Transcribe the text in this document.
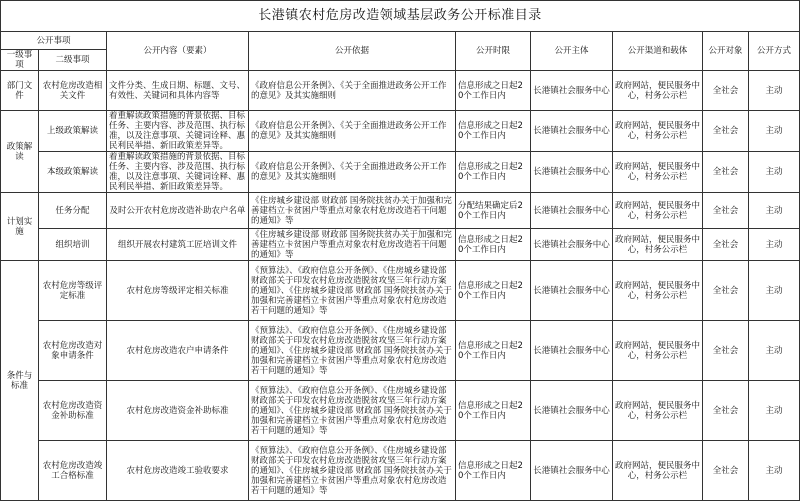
长港镇农村危房改造领域基层政务公开标准目录								
公开事项		公开内容（要素）	公开依据	公开时限	公开主体	公开渠道和载体	公开对象	公开方式
一级事项	二级事项							
部门文件	农村危房改造相关文件	文件分类、生成日期、标题、文号、有效性、关键词和具体内容等	《政府信息公开条例》、《关于全面推进政务公开工作的意见》及其实施细则	信息形成之日起20个工作日内	长港镇社会服务中心	政府网站，便民服务中心，村务公示栏	全社会	主动
政策解读	上级政策解读	着重解读政策措施的背景依据、目标任务、主要内容、涉及范围、执行标准，以及注意事项、关键词诠释、惠民利民举措、新旧政策差异等。	《政府信息公开条例》、《关于全面推进政务公开工作的意见》及其实施细则	信息形成之日起20个工作日内	长港镇社会服务中心	政府网站，便民服务中心，村务公示栏	全社会	主动
	本级政策解读	着重解读政策措施的背景依据、目标任务、主要内容、涉及范围、执行标准，以及注意事项、关键词诠释、惠民利民举措、新旧政策差异等。	《政府信息公开条例》、《关于全面推进政务公开工作的意见》及其实施细则	信息形成之日起20个工作日内	长港镇社会服务中心	政府网站，便民服务中心，村务公示栏	全社会	主动
计划实施	任务分配	及时公开农村危房改造补助农户名单	《住房城乡建设部 财政部 国务院扶贫办关于加强和完善建档立卡贫困户等重点对象农村危房改造若干问题的通知》等	分配结果确定后20个工作日内	长港镇社会服务中心	政府网站，便民服务中心，村务公示栏	全社会	主动
	组织培训	组织开展农村建筑工匠培训文件	《住房城乡建设部 财政部 国务院扶贫办关于加强和完善建档立卡贫困户等重点对象农村危房改造若干问题的通知》等	信息形成之日起20个工作日内	长港镇社会服务中心	政府网站，便民服务中心，村务公示栏	全社会	主动
条件与标准	农村危房等级评定标准	农村危房等级评定相关标准	《预算法》、《政府信息公开条例》、《住房城乡建设部 财政部关于印发农村危房改造脱贫攻坚三年行动方案的通知》、《住房城乡建设部 财政部 国务院扶贫办关于加强和完善建档立卡贫困户等重点对象农村危房改造若干问题的通知》等	信息形成之日起20个工作日内	长港镇社会服务中心	政府网站，便民服务中心，村务公示栏	全社会	主动
	农村危房改造对象申请条件	农村危房改造农户申请条件	《预算法》、《政府信息公开条例》、《住房城乡建设部 财政部关于印发农村危房改造脱贫攻坚三年行动方案的通知》、《住房城乡建设部 财政部 国务院扶贫办关于加强和完善建档立卡贫困户等重点对象农村危房改造若干问题的通知》等	信息形成之日起20个工作日内	长港镇社会服务中心	政府网站，便民服务中心，村务公示栏	全社会	主动
	农村危房改造资金补助标准	农村危房改造资金补助标准	《预算法》、《政府信息公开条例》、《住房城乡建设部 财政部关于印发农村危房改造脱贫攻坚三年行动方案的通知》、《住房城乡建设部 财政部 国务院扶贫办关于加强和完善建档立卡贫困户等重点对象农村危房改造若干问题的通知》等	信息形成之日起20个工作日内	长港镇社会服务中心	政府网站，便民服务中心，村务公示栏	全社会	主动
	农村危房改造竣工合格标准	农村危房改造竣工验收要求	《预算法》、《政府信息公开条例》、《住房城乡建设部 财政部关于印发农村危房改造脱贫攻坚三年行动方案的通知》、《住房城乡建设部 财政部 国务院扶贫办关于加强和完善建档立卡贫困户等重点对象农村危房改造若干问题的通知》等	信息形成之日起20个工作日内	长港镇社会服务中心	政府网站，便民服务中心，村务公示栏	全社会	主动
